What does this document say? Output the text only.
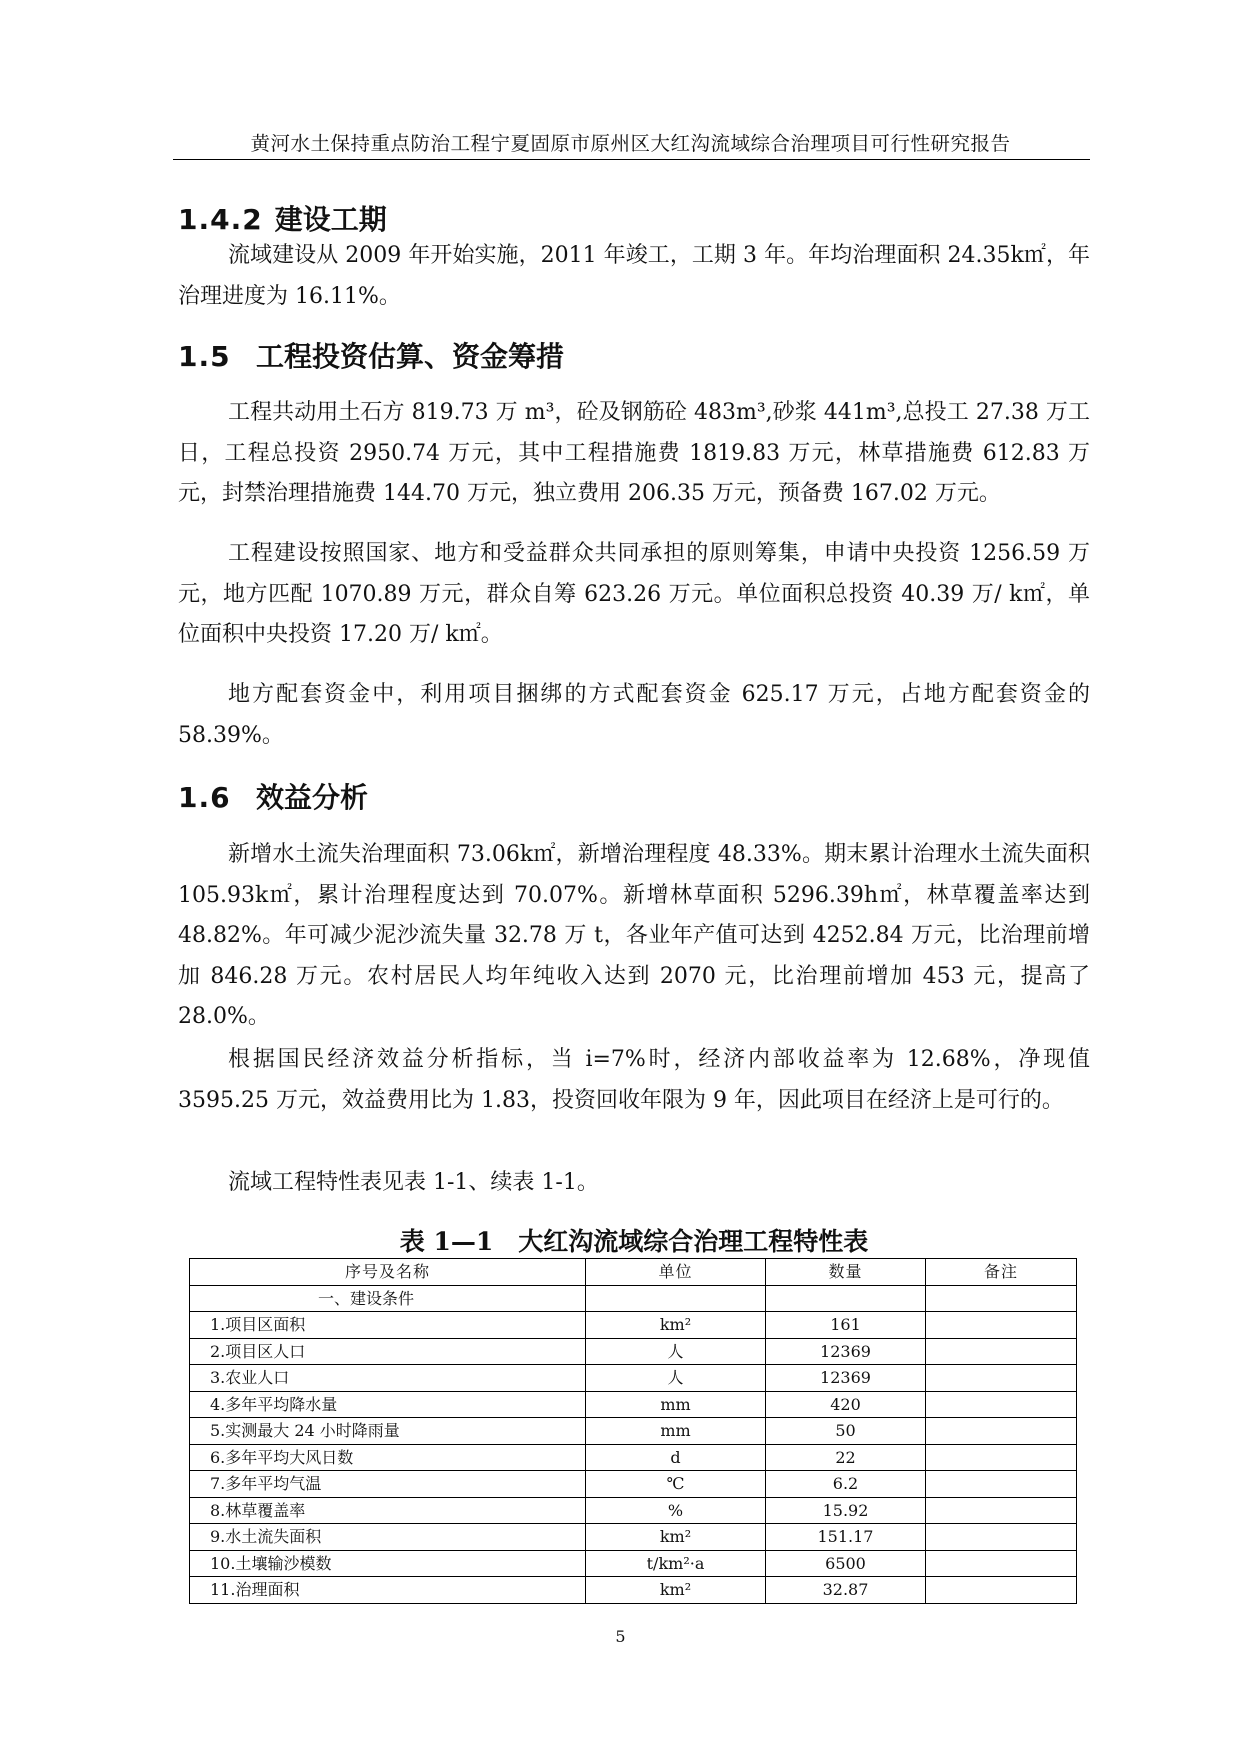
黄河水土保持重点防治工程宁夏固原市原州区大红沟流域综合治理项目可行性研究报告
1.4.2 建设工期

流域建设从 2009 年开始实施，2011 年竣工，工期 3 年。年均治理面积 24.35k㎡，年治理进度为 16.11%。

1.5 工程投资估算、资金筹措

工程共动用土石方 819.73 万 m³，砼及钢筋砼 483m³,砂浆 441m³,总投工 27.38 万工日，工程总投资 2950.74 万元，其中工程措施费 1819.83 万元，林草措施费 612.83 万元，封禁治理措施费 144.70 万元，独立费用 206.35 万元，预备费 167.02 万元。

工程建设按照国家、地方和受益群众共同承担的原则筹集，申请中央投资 1256.59 万元，地方匹配 1070.89 万元，群众自筹 623.26 万元。单位面积总投资 40.39 万/ k㎡，单位面积中央投资 17.20 万/ k㎡。

地方配套资金中，利用项目捆绑的方式配套资金 625.17 万元，占地方配套资金的 58.39%。

1.6 效益分析

新增水土流失治理面积 73.06k㎡，新增治理程度 48.33%。期末累计治理水土流失面积 105.93k㎡，累计治理程度达到 70.07%。新增林草面积 5296.39h㎡，林草覆盖率达到 48.82%。年可减少泥沙流失量 32.78 万 t，各业年产值可达到 4252.84 万元，比治理前增加 846.28 万元。农村居民人均年纯收入达到 2070 元，比治理前增加 453 元，提高了 28.0%。

根据国民经济效益分析指标，当 i=7%时，经济内部收益率为 12.68%，净现值 3595.25 万元，效益费用比为 1.83，投资回收年限为 9 年，因此项目在经济上是可行的。

流域工程特性表见表 1-1、续表 1-1。

表 1—1　大红沟流域综合治理工程特性表
序号及名称	单位	数量	备注
一、建设条件			
1.项目区面积	km²	161	
2.项目区人口	人	12369	
3.农业人口	人	12369	
4.多年平均降水量	mm	420	
5.实测最大 24 小时降雨量	mm	50	
6.多年平均大风日数	d	22	
7.多年平均气温	℃	6.2	
8.林草覆盖率	%	15.92	
9.水土流失面积	km²	151.17	
10.土壤输沙模数	t/km²·a	6500	
11.治理面积	km²	32.87	
5
